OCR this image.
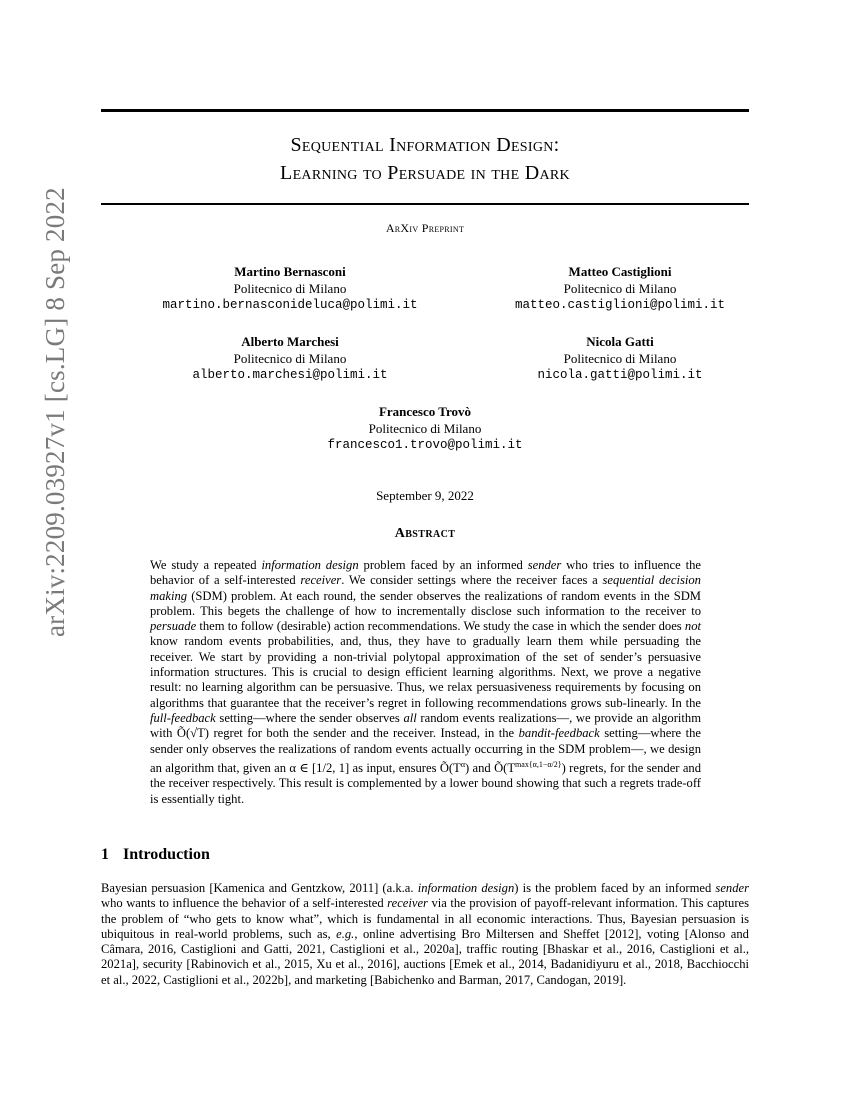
Sequential Information Design:
Learning to Persuade in the Dark
ArXiv Preprint
Martino Bernasconi
Politecnico di Milano
martino.bernasconideluca@polimi.it
Matteo Castiglioni
Politecnico di Milano
matteo.castiglioni@polimi.it
Alberto Marchesi
Politecnico di Milano
alberto.marchesi@polimi.it
Nicola Gatti
Politecnico di Milano
nicola.gatti@polimi.it
Francesco Trovò
Politecnico di Milano
francesco1.trovo@polimi.it
September 9, 2022
Abstract
We study a repeated information design problem faced by an informed sender who tries to influence the behavior of a self-interested receiver. We consider settings where the receiver faces a sequential decision making (SDM) problem. At each round, the sender observes the realizations of random events in the SDM problem. This begets the challenge of how to incrementally disclose such information to the receiver to persuade them to follow (desirable) action recommendations. We study the case in which the sender does not know random events probabilities, and, thus, they have to gradually learn them while persuading the receiver. We start by providing a non-trivial polytopal approximation of the set of sender’s persuasive information structures. This is crucial to design efficient learning algorithms. Next, we prove a negative result: no learning algorithm can be persuasive. Thus, we relax persuasiveness requirements by focusing on algorithms that guarantee that the receiver’s regret in following recommendations grows sub-linearly. In the full-feedback setting—where the sender observes all random events realizations—, we provide an algorithm with Õ(√T) regret for both the sender and the receiver. Instead, in the bandit-feedback setting—where the sender only observes the realizations of random events actually occurring in the SDM problem—, we design an algorithm that, given an α ∈ [1/2, 1] as input, ensures $Õ(T^\alpha)$ and $Õ(T^{max\{\alpha,1-\alpha/2\}})$ regrets, for the sender and the receiver respectively. This result is complemented by a lower bound showing that such a regrets trade-off is essentially tight.
1 Introduction
Bayesian persuasion [Kamenica and Gentzkow, 2011] (a.k.a. information design) is the problem faced by an informed sender who wants to influence the behavior of a self-interested receiver via the provision of payoff-relevant information. This captures the problem of “who gets to know what”, which is fundamental in all economic interactions. Thus, Bayesian persuasion is ubiquitous in real-world problems, such as, e.g., online advertising Bro Miltersen and Sheffet [2012], voting [Alonso and Câmara, 2016, Castiglioni and Gatti, 2021, Castiglioni et al., 2020a], traffic routing [Bhaskar et al., 2016, Castiglioni et al., 2021a], security [Rabinovich et al., 2015, Xu et al., 2016], auctions [Emek et al., 2014, Badanidiyuru et al., 2018, Bacchiocchi et al., 2022, Castiglioni et al., 2022b], and marketing [Babichenko and Barman, 2017, Candogan, 2019].
arXiv:2209.03927v1 [cs.LG] 8 Sep 2022
